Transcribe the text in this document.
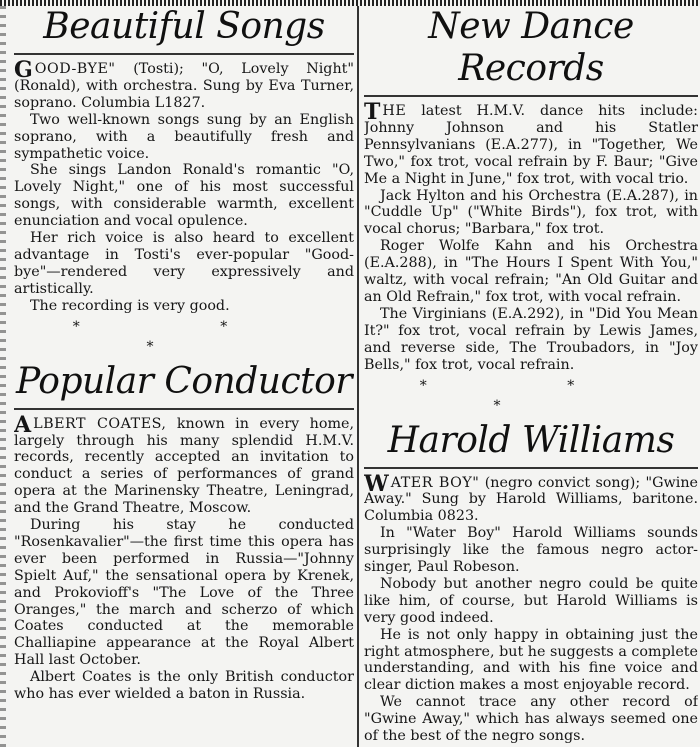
Beautiful Songs

GOOD-BYE" (Tosti); "O, Lovely Night" (Ronald), with orchestra. Sung by Eva Turner, soprano. Columbia L1827.

Two well-known songs sung by an English soprano, with a beautifully fresh and sympathetic voice.

She sings Landon Ronald's romantic "O, Lovely Night," one of his most successful songs, with considerable warmth, excellent enunciation and vocal opulence.

Her rich voice is also heard to excellent advantage in Tosti's ever-popular "Good-bye"—rendered very expressively and artistically.

The recording is very good.

* * *
Popular Conductor

ALBERT COATES, known in every home, largely through his many splendid H.M.V. records, recently accepted an invitation to conduct a series of performances of grand opera at the Marinensky Theatre, Leningrad, and the Grand Theatre, Moscow.

During his stay he conducted "Rosenkavalier"—the first time this opera has ever been performed in Russia—"Johnny Spielt Auf," the sensational opera by Krenek, and Prokovioff's "The Love of the Three Oranges," the march and scherzo of which Coates conducted at the memorable Challiapine appearance at the Royal Albert Hall last October.

Albert Coates is the only British conductor who has ever wielded a baton in Russia.

New Dance Records

THE latest H.M.V. dance hits include: Johnny Johnson and his Statler Pennsylvanians (E.A.277), in "Together, We Two," fox trot, vocal refrain by F. Baur; "Give Me a Night in June," fox trot, with vocal trio.

Jack Hylton and his Orchestra (E.A.287), in "Cuddle Up" ("White Birds"), fox trot, with vocal chorus; "Barbara," fox trot.

Roger Wolfe Kahn and his Orchestra (E.A.288), in "The Hours I Spent With You," waltz, with vocal refrain; "An Old Guitar and an Old Refrain," fox trot, with vocal refrain.

The Virginians (E.A.292), in "Did You Mean It?" fox trot, vocal refrain by Lewis James, and reverse side, The Troubadors, in "Joy Bells," fox trot, vocal refrain.

* * *
Harold Williams

WATER BOY" (negro convict song); "Gwine Away." Sung by Harold Williams, baritone. Columbia 0823.

In "Water Boy" Harold Williams sounds surprisingly like the famous negro actor-singer, Paul Robeson.

Nobody but another negro could be quite like him, of course, but Harold Williams is very good indeed.

He is not only happy in obtaining just the right atmosphere, but he suggests a complete understanding, and with his fine voice and clear diction makes a most enjoyable record.

We cannot trace any other record of "Gwine Away," which has always seemed one of the best of the negro songs.
